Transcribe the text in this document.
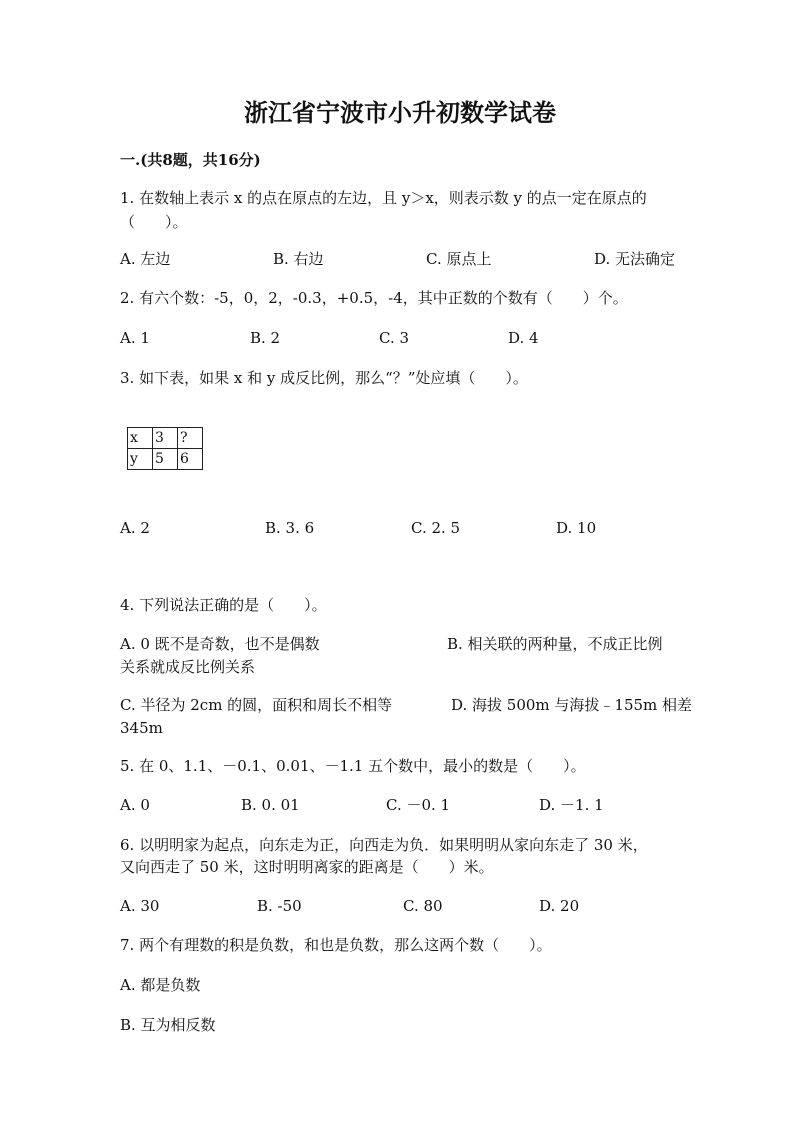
浙江省宁波市小升初数学试卷
一.(共8题，共16分)
1. 在数轴上表示 x 的点在原点的左边，且 y＞x，则表示数 y 的点一定在原点的
（　　）。
A. 左边	B. 右边	C. 原点上	D. 无法确定
2. 有六个数：-5，0，2，-0.3，+0.5，-4，其中正数的个数有（　　）个。
A. 1	B. 2	C. 3	D. 4
3. 如下表，如果 x 和 y 成反比例，那么“？”处应填（　　）。
x	3	?
y	5	6
A. 2	B. 3. 6	C. 2. 5	D. 10
4. 下列说法正确的是（　　）。
A. 0 既不是奇数，也不是偶数	B. 相关联的两种量，不成正比例
关系就成反比例关系
C. 半径为 2cm 的圆，面积和周长不相等	D. 海拔 500m 与海拔﹣155m 相差
345m
5. 在 0、1.1、－0.1、0.01、－1.1 五个数中，最小的数是（　　）。
A. 0	B. 0. 01	C. －0. 1	D. －1. 1
6. 以明明家为起点，向东走为正，向西走为负．如果明明从家向东走了 30 米，
又向西走了 50 米，这时明明离家的距离是（　　）米。
A. 30	B. -50	C. 80	D. 20
7. 两个有理数的积是负数，和也是负数，那么这两个数（　　）。
A. 都是负数
B. 互为相反数
